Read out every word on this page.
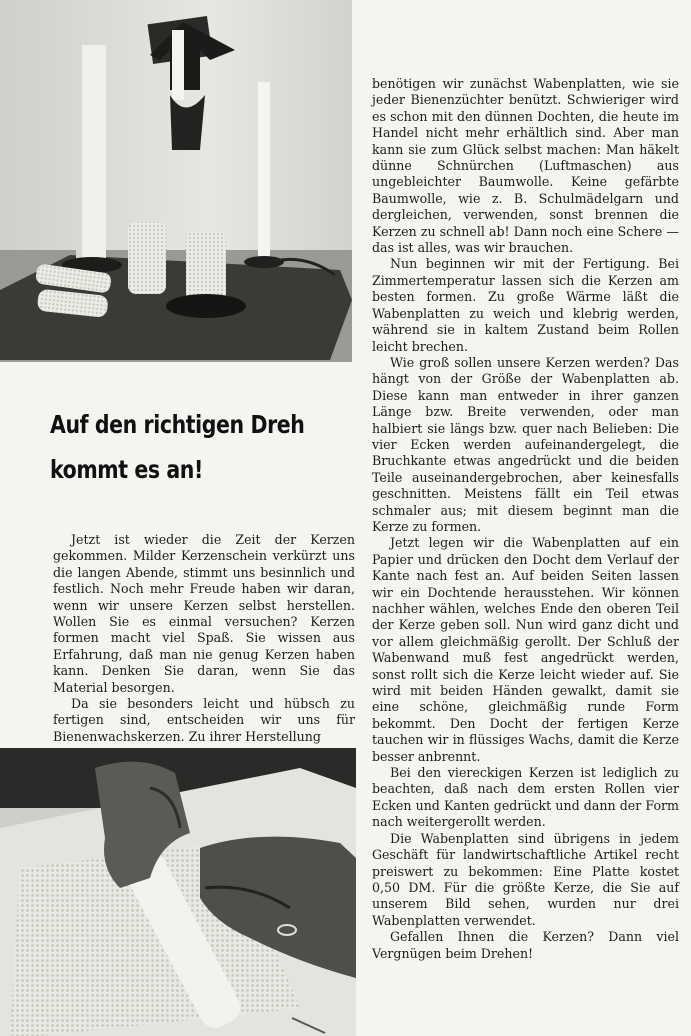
Auf den richtigen Dreh
kommt es an!

Jetzt ist wieder die Zeit der Kerzen gekommen. Milder Kerzenschein verkürzt uns die langen Abende, stimmt uns besinnlich und festlich. Noch mehr Freude haben wir daran, wenn wir unsere Kerzen selbst herstellen. Wollen Sie es einmal versuchen? Kerzen formen macht viel Spaß. Sie wissen aus Erfahrung, daß man nie genug Kerzen haben kann. Denken Sie daran, wenn Sie das Material besorgen.

Da sie besonders leicht und hübsch zu fertigen sind, entscheiden wir uns für Bienenwachskerzen. Zu ihrer Herstellung

benötigen wir zunächst Wabenplatten, wie sie jeder Bienenzüchter benützt. Schwieriger wird es schon mit den dünnen Dochten, die heute im Handel nicht mehr erhältlich sind. Aber man kann sie zum Glück selbst machen: Man häkelt dünne Schnürchen (Luftmaschen) aus ungebleichter Baumwolle. Keine gefärbte Baumwolle, wie z. B. Schulmädelgarn und dergleichen, verwenden, sonst brennen die Kerzen zu schnell ab! Dann noch eine Schere — das ist alles, was wir brauchen.

Nun beginnen wir mit der Fertigung. Bei Zimmertemperatur lassen sich die Kerzen am besten formen. Zu große Wärme läßt die Wabenplatten zu weich und klebrig werden, während sie in kaltem Zustand beim Rollen leicht brechen.

Wie groß sollen unsere Kerzen werden? Das hängt von der Größe der Wabenplatten ab. Diese kann man entweder in ihrer ganzen Länge bzw. Breite verwenden, oder man halbiert sie längs bzw. quer nach Belieben: Die vier Ecken werden aufeinandergelegt, die Bruchkante etwas angedrückt und die beiden Teile auseinandergebrochen, aber keinesfalls geschnitten. Meistens fällt ein Teil etwas schmaler aus; mit diesem beginnt man die Kerze zu formen.

Jetzt legen wir die Wabenplatten auf ein Papier und drücken den Docht dem Verlauf der Kante nach fest an. Auf beiden Seiten lassen wir ein Dochtende herausstehen. Wir können nachher wählen, welches Ende den oberen Teil der Kerze geben soll. Nun wird ganz dicht und vor allem gleichmäßig gerollt. Der Schluß der Wabenwand muß fest angedrückt werden, sonst rollt sich die Kerze leicht wieder auf. Sie wird mit beiden Händen gewalkt, damit sie eine schöne, gleichmäßig runde Form bekommt. Den Docht der fertigen Kerze tauchen wir in flüssiges Wachs, damit die Kerze besser anbrennt.

Bei den viereckigen Kerzen ist lediglich zu beachten, daß nach dem ersten Rollen vier Ecken und Kanten gedrückt und dann der Form nach weitergerollt werden.

Die Wabenplatten sind übrigens in jedem Geschäft für landwirtschaftliche Artikel recht preiswert zu bekommen: Eine Platte kostet 0,50 DM. Für die größte Kerze, die Sie auf unserem Bild sehen, wurden nur drei Wabenplatten verwendet.

Gefallen Ihnen die Kerzen? Dann viel Vergnügen beim Drehen!
